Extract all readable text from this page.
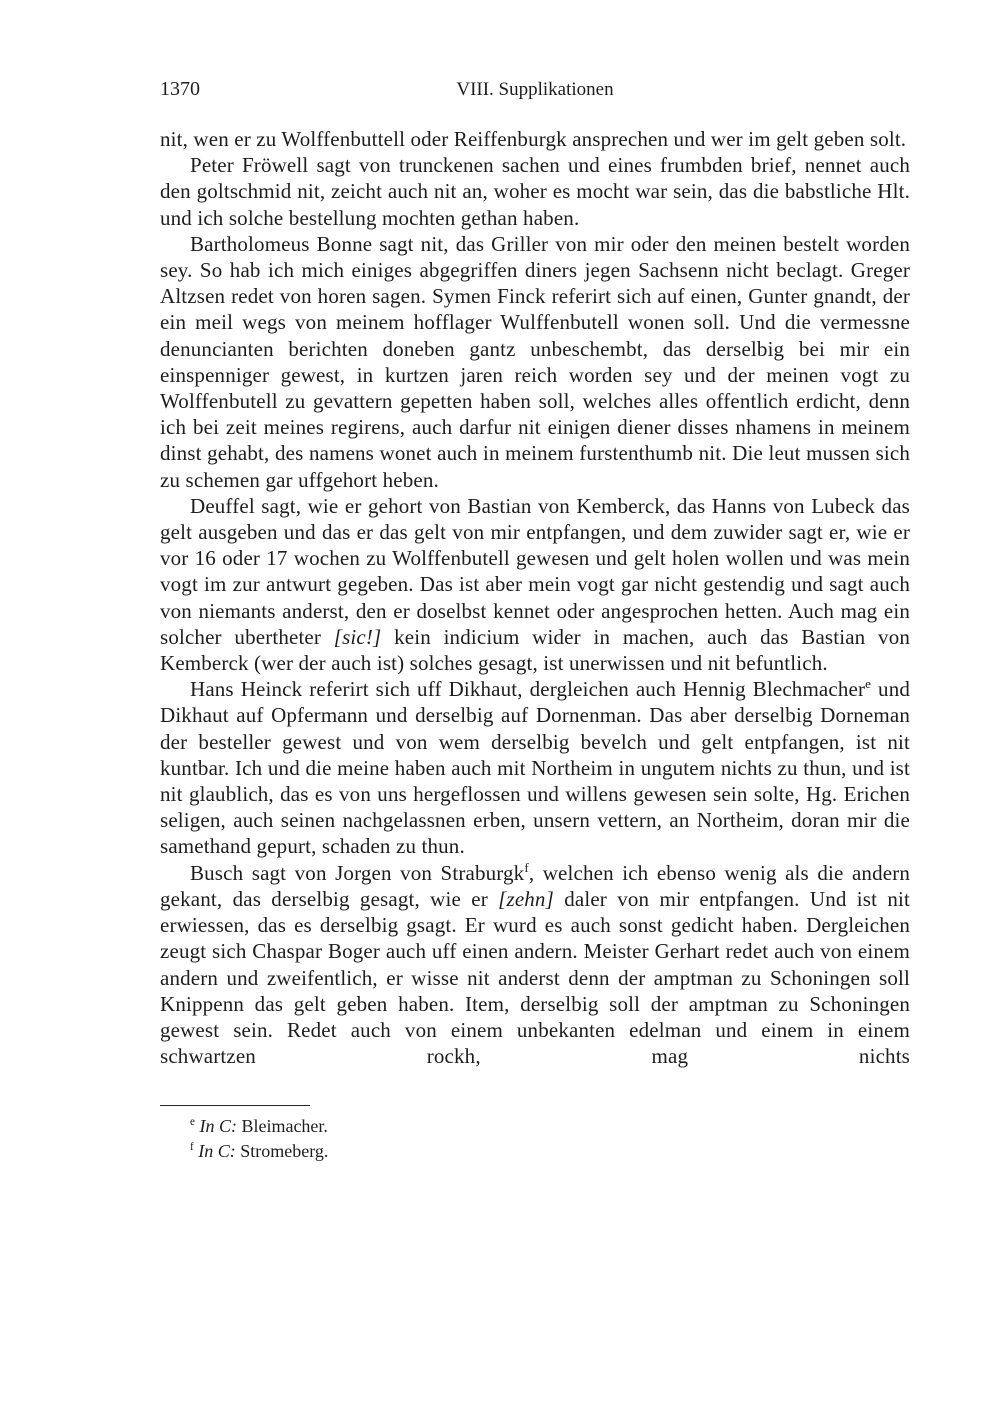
1370	VIII. Supplikationen

nit, wen er zu Wolffenbuttell oder Reiffenburgk ansprechen und wer im gelt geben solt.

Peter Fröwell sagt von trunckenen sachen und eines frumbden brief, nennet auch den goltschmid nit, zeicht auch nit an, woher es mocht war sein, das die babstliche Hlt. und ich solche bestellung mochten gethan haben.

Bartholomeus Bonne sagt nit, das Griller von mir oder den meinen bestelt worden sey. So hab ich mich einiges abgegriffen diners jegen Sachsenn nicht beclagt. Greger Altzsen redet von horen sagen. Symen Finck referirt sich auf einen, Gunter gnandt, der ein meil wegs von meinem hofflager Wulffenbutell wonen soll. Und die vermessne denuncianten berichten doneben gantz unbeschembt, das derselbig bei mir ein einspenniger gewest, in kurtzen jaren reich worden sey und der meinen vogt zu Wolffenbutell zu gevattern gepetten haben soll, welches alles offentlich erdicht, denn ich bei zeit meines regirens, auch darfur nit einigen diener disses nhamens in meinem dinst gehabt, des namens wonet auch in meinem furstenthumb nit. Die leut mussen sich zu schemen gar uffgehort heben.

Deuffel sagt, wie er gehort von Bastian von Kemberck, das Hanns von Lubeck das gelt ausgeben und das er das gelt von mir entpfangen, und dem zuwider sagt er, wie er vor 16 oder 17 wochen zu Wolffenbutell gewesen und gelt holen wollen und was mein vogt im zur antwurt gegeben. Das ist aber mein vogt gar nicht gestendig und sagt auch von niemants anderst, den er doselbst kennet oder angesprochen hetten. Auch mag ein solcher ubertheter [sic!] kein indicium wider in machen, auch das Bastian von Kemberck (wer der auch ist) solches gesagt, ist unerwissen und nit befuntlich.

Hans Heinck referirt sich uff Dikhaut, dergleichen auch Hennig Blechmacher$^e$ und Dikhaut auf Opfermann und derselbig auf Dornenman. Das aber derselbig Dorneman der besteller gewest und von wem derselbig bevelch und gelt entpfangen, ist nit kuntbar. Ich und die meine haben auch mit Northeim in ungutem nichts zu thun, und ist nit glaublich, das es von uns hergeflossen und willens gewesen sein solte, Hg. Erichen seligen, auch seinen nachgelassnen erben, unsern vettern, an Northeim, doran mir die samethand gepurt, schaden zu thun.

Busch sagt von Jorgen von Straburgk$^f$, welchen ich ebenso wenig als die andern gekant, das derselbig gesagt, wie er [zehn] daler von mir entpfangen. Und ist nit erwiessen, das es derselbig gsagt. Er wurd es auch sonst gedicht haben. Dergleichen zeugt sich Chaspar Boger auch uff einen andern. Meister Gerhart redet auch von einem andern und zweifentlich, er wisse nit anderst denn der amptman zu Schoningen soll Knippenn das gelt geben haben. Item, derselbig soll der amptman zu Schoningen gewest sein. Redet auch von einem unbekanten edelman und einem in einem schwartzen rockh, mag nichts

$^e$ In C: Bleimacher.

$^f$ In C: Stromeberg.
